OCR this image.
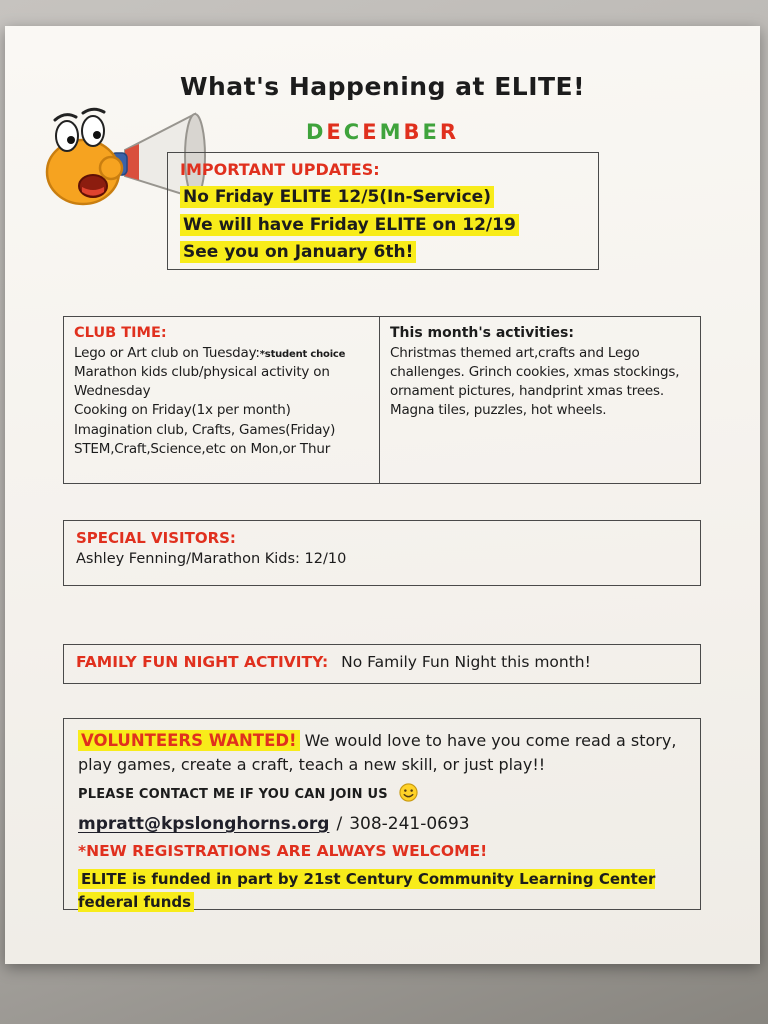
What's Happening at ELITE!
DECEMBER
IMPORTANT UPDATES:
No Friday ELITE 12/5(In-Service)
We will have Friday ELITE on 12/19
See you on January 6th!
CLUB TIME:
Lego or Art club on Tuesday:*student choice
Marathon kids club/physical activity on Wednesday
Cooking on Friday(1x per month)
Imagination club, Crafts, Games(Friday)
STEM,Craft,Science,etc on Mon,or Thur
This month's activities:
Christmas themed art,crafts and Lego challenges. Grinch cookies, xmas stockings, ornament pictures, handprint xmas trees. Magna tiles, puzzles, hot wheels.
SPECIAL VISITORS:
Ashley Fenning/Marathon Kids: 12/10
FAMILY FUN NIGHT ACTIVITY: No Family Fun Night this month!

VOLUNTEERS WANTED! We would love to have you come read a story, play games, create a craft, teach a new skill, or just play!!

PLEASE CONTACT ME IF YOU CAN JOIN US

mpratt@kpslonghorns.org / 308-241-0693

*NEW REGISTRATIONS ARE ALWAYS WELCOME!

ELITE is funded in part by 21st Century Community Learning Center federal funds
